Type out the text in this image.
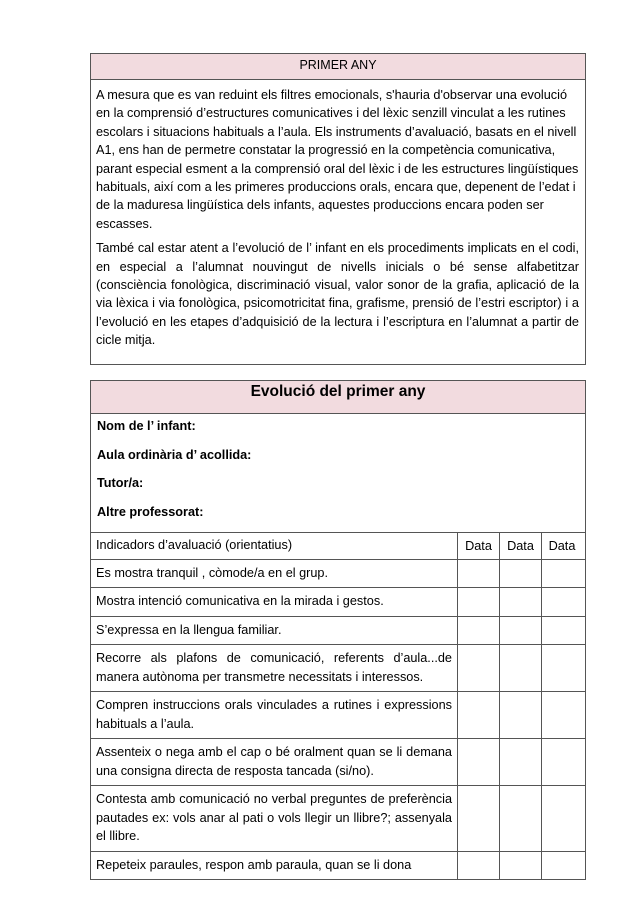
PRIMER ANY

A mesura que es van reduint els filtres emocionals, s'hauria d'observar una evolució en la comprensió d’estructures comunicatives i del lèxic senzill vinculat a les rutines escolars i situacions habituals a l’aula. Els instruments d’avaluació, basats en el nivell A1, ens han de permetre constatar la progressió en la competència comunicativa, parant especial esment a la comprensió oral del lèxic i de les estructures lingüístiques habituals, així com a les primeres produccions orals, encara que, depenent de l’edat i de la maduresa lingüística dels infants, aquestes produccions encara poden ser escasses.

També cal estar atent a l’evolució de l’ infant en els procediments implicats en el codi, en especial a l’alumnat nouvingut de nivells inicials o bé sense alfabetitzar (consciència fonològica, discriminació visual, valor sonor de la grafia, aplicació de la via lèxica i via fonològica, psicomotricitat fina, grafisme, prensió de l’estri escriptor) i a l’evolució en les etapes d’adquisició de la lectura i l’escriptura en l’alumnat a partir de cicle mitja.

Evolució del primer any
Nom de l’ infant:
Aula ordinària d’ acollida:
Tutor/a:
Altre professorat:
Indicadors d’avaluació (orientatius)	Data	Data	Data
Es mostra tranquil , còmode/a en el grup.
Mostra intenció comunicativa en la mirada i gestos.
S’expressa en la llengua familiar.
Recorre als plafons de comunicació, referents d’aula...de manera autònoma per transmetre necessitats i interessos.
Compren instruccions orals vinculades a rutines i expressions habituals a l’aula.
Assenteix o nega amb el cap o bé oralment quan se li demana una consigna directa de resposta tancada (si/no).
Contesta amb comunicació no verbal preguntes de preferència pautades ex: vols anar al pati o vols llegir un llibre?; assenyala el llibre.
Repeteix paraules, respon amb paraula, quan se li dona
